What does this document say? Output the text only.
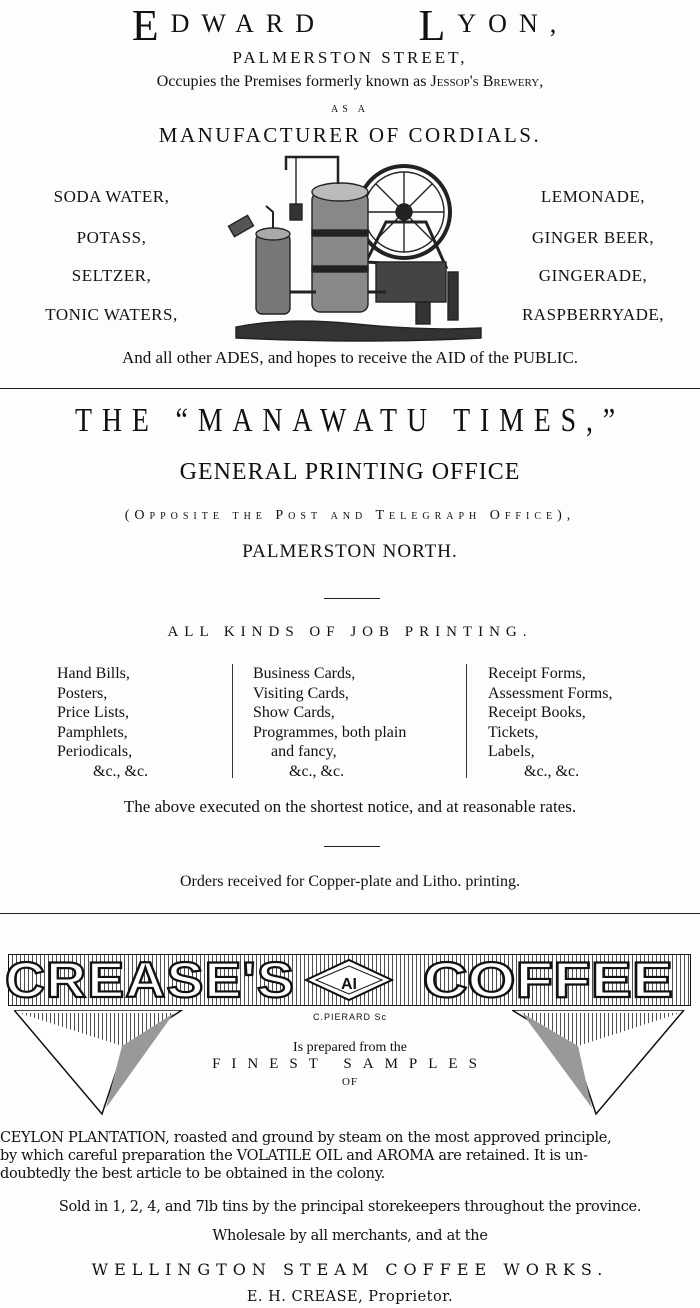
EDWARD LYON,
PALMERSTON STREET,
Occupies the Premises formerly known as Jessop's Brewery,
AS A
MANUFACTURER OF CORDIALS.
SODA WATER,
POTASS,
SELTZER,
TONIC WATERS,
LEMONADE,
GINGER BEER,
GINGERADE,
RASPBERRYADE,
And all other ADES, and hopes to receive the AID of the PUBLIC.
THE “MANAWATU TIMES,”
GENERAL PRINTING OFFICE
(Opposite the Post and Telegraph Office),
PALMERSTON NORTH.
ALL KINDS OF JOB PRINTING.
Hand Bills,
Posters,
Price Lists,
Pamphlets,
Periodicals,
&c., &c.
Business Cards,
Visiting Cards,
Show Cards,
Programmes, both plain
and fancy,
&c., &c.
Receipt Forms,
Assessment Forms,
Receipt Books,
Tickets,
Labels,
&c., &c.
The above executed on the shortest notice, and at reasonable rates.
Orders received for Copper-plate and Litho. printing.
CREASE'S	AI COFFEE
C.PIERARD Sc
Is prepared from the
FINEST SAMPLES
OF
CEYLON PLANTATION, roasted and ground by steam on the most approved principle,
by which careful preparation the VOLATILE OIL and AROMA are retained. It is un-
doubtedly the best article to be obtained in the colony.
Sold in 1, 2, 4, and 7lb tins by the principal storekeepers throughout the province.
Wholesale by all merchants, and at the
WELLINGTON STEAM COFFEE WORKS.
E. H. CREASE, Proprietor.
